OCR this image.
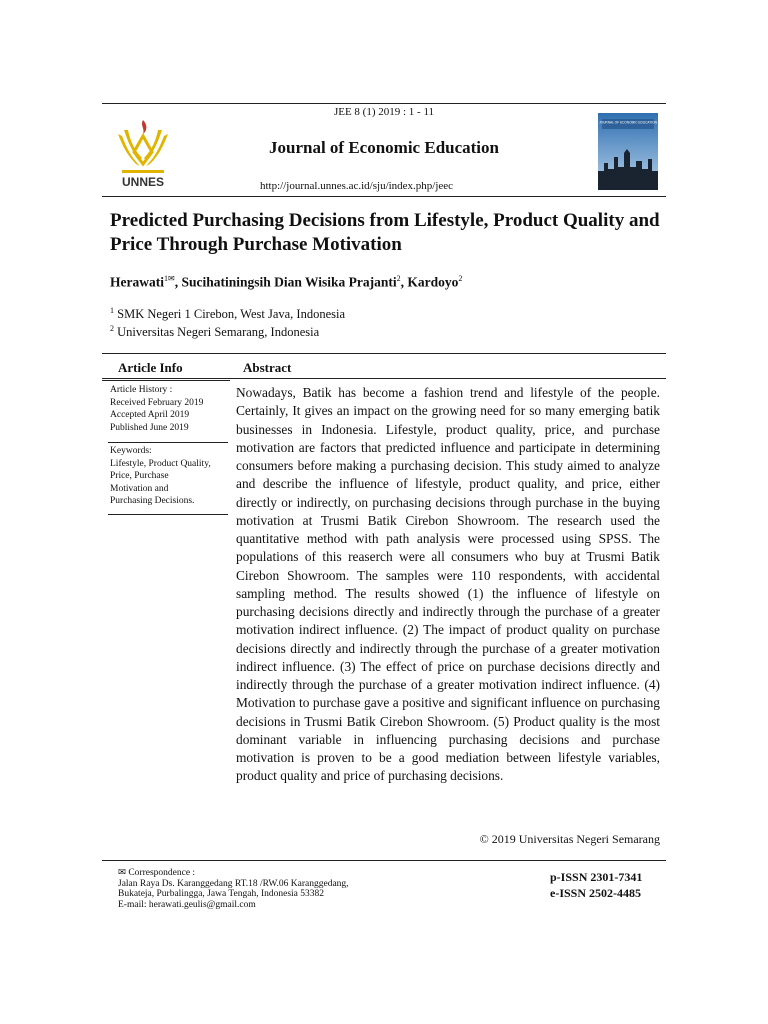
JEE 8 (1) 2019 : 1 - 11
UNNES
Journal of Economic Education
http://journal.unnes.ac.id/sju/index.php/jeec
JOURNAL OF ECONOMIC EDUCATION
Predicted Purchasing Decisions from Lifestyle, Product Quality and Price Through Purchase Motivation
Herawati$^{1✉}$, Sucihatiningsih Dian Wisika Prajanti$^2$, Kardoyo$^2$
$^1$ SMK Negeri 1 Cirebon, West Java, Indonesia
$^2$ Universitas Negeri Semarang, Indonesia
Article Info	Abstract
Article History :
Received February 2019
Accepted April 2019
Published June 2019
Keywords:
Lifestyle, Product Quality,
Price, Purchase
Motivation and
Purchasing Decisions.
Nowadays, Batik has become a fashion trend and lifestyle of the people. Certainly, It gives an impact on the growing need for so many emerging batik businesses in Indonesia. Lifestyle, product quality, price, and purchase motivation are factors that predicted influence and participate in determining consumers before making a purchasing decision. This study aimed to analyze and describe the influence of lifestyle, product quality, and price, either directly or indirectly, on purchasing decisions through purchase in the buying motivation at Trusmi Batik Cirebon Showroom. The research used the quantitative method with path analysis were processed using SPSS. The populations of this reaserch were all consumers who buy at Trusmi Batik Cirebon Showroom. The samples were 110 respondents, with accidental sampling method. The results showed (1) the influence of lifestyle on purchasing decisions directly and indirectly through the purchase of a greater motivation indirect influence. (2) The impact of product quality on purchase decisions directly and indirectly through the purchase of a greater motivation indirect influence. (3) The effect of price on purchase decisions directly and indirectly through the purchase of a greater motivation indirect influence. (4) Motivation to purchase gave a positive and significant influence on purchasing decisions in Trusmi Batik Cirebon Showroom. (5) Product quality is the most dominant variable in influencing purchasing decisions and purchase motivation is proven to be a good mediation between lifestyle variables, product quality and price of purchasing decisions.
© 2019 Universitas Negeri Semarang
✉ Correspondence :
Jalan Raya Ds. Karanggedang RT.18 /RW.06 Karanggedang,
Bukateja, Purbalingga, Jawa Tengah, Indonesia 53382
E-mail: herawati.geulis@gmail.com
p-ISSN 2301-7341
e-ISSN 2502-4485
